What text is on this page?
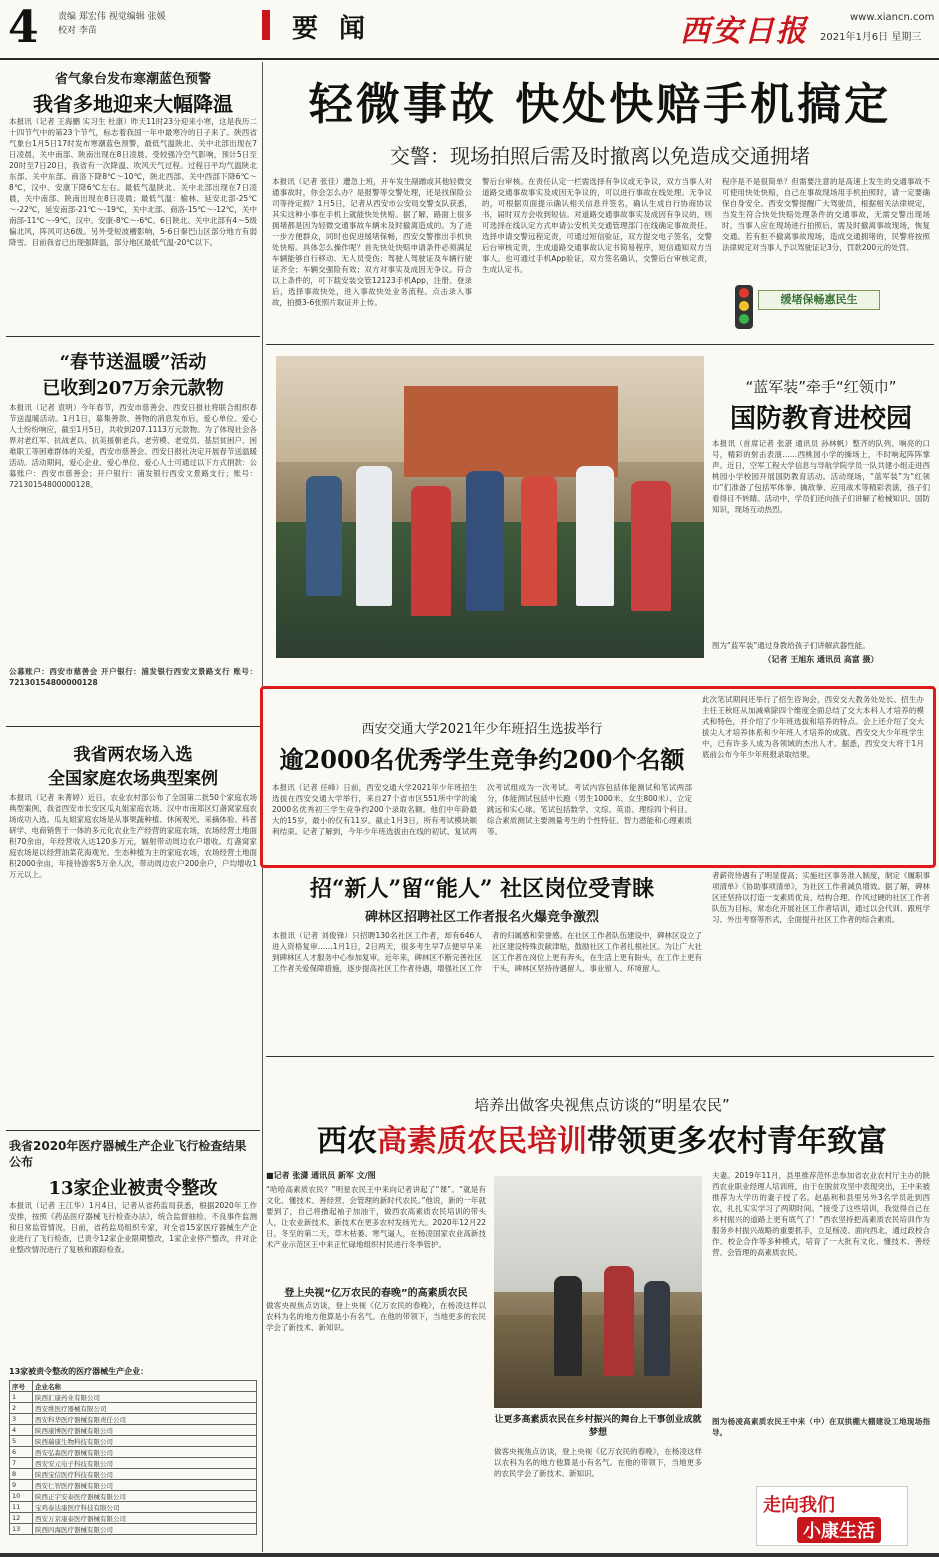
4 责编 郑宏伟 视觉编辑 张媛
校对 李苗	要 闻	西安日报	www.xiancn.com
2021年1月6日 星期三
轻微事故 快处快赔手机搞定
交警：现场拍照后需及时撤离以免造成交通拥堵
本报讯（记者 张佳）遭急上班，开车发生剐蹭或其他轻微交通事故时，你会怎么办？是报警等交警处理，还是找保险公司等待定损？1月5日，记者从西安市公安局交警支队获悉，其实这种小事在手机上就能快处快赔。据了解，路面上很多拥堵都是因为轻微交通事故车辆未及时撤离造成的。为了进一步方便群众，同时也促进缓堵保畅，西安交警推出手机快处快赔。具体怎么操作呢？首先快处快赔申请条件必须满足车辆能够自行移动、无人员受伤；驾驶人驾驶证及车辆行驶证齐全；车辆交强险有效；双方对事实及成因无争议。符合以上条件的，可下载安装交管12123手机App，注册、登录后，选择事故快处，进入事故快处业务流程。点击录入事故，拍摄3-6张照片取证并上传。
警后台审核。在责任认定一栏需选择有争议或无争议，双方当事人对道路交通事故事实及成因无争议的，可以进行事故在线处理。无争议的，可根据页面提示确认相关信息并签名，确认生成自行协商协议书，届时双方会收到短信。对道路交通事故事实及成因有争议的，则可选择在线认定方式申请公安机关交通管理部门在线确定事故责任。选择申请交警远程定责，可通过短信验证，双方提交电子签名，交警后台审核定责，生成道路交通事故认定书简易程序，短信通知双方当事人。也可通过手机App验证，双方签名确认，交警后台审核定责，生成认定书。
程序是不是很简单？但需要注意的是高速上发生的交通事故不可使用快处快赔，自己在事故现场用手机拍照时，请一定要确保自身安全。西安交警提醒广大驾驶员，根据相关法律规定，当发生符合快处快赔处理条件的交通事故，无需交警出现场时，当事人应在现场进行拍照后，需及时撤离事故现场，恢复交通。若有拒不撤离事故现场，造成交通拥堵的，民警将按照法律规定对当事人予以驾驶证记3分，罚款200元的处罚。
缓堵保畅惠民生
“蓝军装”牵手“红领巾”
国防教育进校园
本报讯（首席记者 张湛 通讯员 孙林帆）整齐的队列、响亮的口号，精彩的射击表演……西桃园小学的操场上，不时响起阵阵掌声。近日，空军工程大学信息与导航学院学员一队共建小组走进西桃园小学校园开展国防教育活动。活动现场，“蓝军装”为“红领巾”们准备了包括军体拳、擒敌拳、应用战术等精彩表演，孩子们看得目不转睛。活动中，学员们还向孩子们讲解了枪械知识、国防知识，现场互动热烈。
图为“蓝军装”通过身教给孩子们讲解武器性能。
（记者 王旭东 通讯员 高富 摄）
西安交通大学2021年少年班招生选拔举行
逾2000名优秀学生竞争约200个名额
本报讯（记者 任峰）日前，西安交通大学2021年少年班招生选拔在西安交通大学举行，来自27个省市区551所中学的逾2000名优秀初三学生竞争约200个录取名额。他们中年龄最大的15岁，最小的仅有11岁。截止1月3日，所有考试模块顺利结束。记者了解到，今年少年班选拔由在线的初试、复试两次考试组成为一次考试。考试内容包括体能测试和笔试两部分，体能测试包括中长跑（男生1000米、女生800米）、立定跳远和实心球。笔试包括数学、文综、英语、理综四个科目。综合素质测试主要测量考生的个性特征、智力潜能和心理素质等。
此次笔试期间还举行了招生咨询会，西安交大教务处处长、招生办主任王秋旺从加减乘除四个维度全面总结了交大本科人才培养的模式和特色，并介绍了少年班选拔和培养的特点。会上还介绍了交大拔尖人才培养体系和少年班人才培养的成就。西安交大少年班学生中，已有许多人成为各领域的杰出人才。据悉，西安交大将于1月底前公布今年少年班报录取结果。
招“新人”留“能人” 社区岗位受青睐
碑林区招聘社区工作者报名火爆竞争激烈
本报讯（记者 刘俊锋）只招聘130名社区工作者，却有646人进入资格复审……1月1日，2日两天，很多考生早7点便早早来到碑林区人才服务中心参加复审。近年来，碑林区不断完善社区工作者关爱保障措施，逐步提高社区工作者待遇，增强社区工作者的归属感和荣誉感。在社区工作者队伍建设中，碑林区设立了社区建设特殊贡献津贴，鼓励社区工作者扎根社区。为让广大社区工作者在岗位上更有奔头，在生活上更有盼头，在工作上更有干头，碑林区坚持待遇留人、事业留人、环境留人。
者薪资待遇有了明显提高；实施社区事务准入制度，制定《履职事项清单》《协助事项清单》，为社区工作者减负增效。据了解，碑林区还坚持以打造一支素质优良、结构合理、作风过硬的社区工作者队伍为目标，常态化开展社区工作者培训，通过以会代训、跟班学习、外出考察等形式，全面提升社区工作者的综合素质。
培养出做客央视焦点访谈的“明星农民”
西农高素质农民培训带领更多农村青年致富
■记者 张潇 通讯员 新军 文/图
“哈哈高素质农民？”明星农民王中来向记者讲起了“课”。“就是有文化、懂技术、善经营、会管理的新时代农民。”他说，新的一年就要到了，自己将撸起袖子加油干，做西农高素质农民培训的带头人，让农业新技术、新技术在更多农村发扬光大。2020年12月22日，冬至的第二天，草木枯萎、寒气逼人，在杨凌国家农业高新技术产业示范区王中来正忙碌地组织村民进行冬季管护。
登上央视“亿万农民的春晚”的高素质农民
做客央视焦点访谈，登上央视《亿万农民的春晚》，在杨凌这样以农科为名的地方他算是小有名气。在他的带领下，当地更多的农民学会了新技术、新知识。
让更多高素质农民在乡村振兴的舞台上干事创业成就梦想
做客央视焦点访谈，登上央视《亿万农民的春晚》，在杨凌这样以农科为名的地方他算是小有名气。在他的带领下，当地更多的农民学会了新技术、新知识。
夫妻。2019年11月，县里推荐范怀忠参加省农业农村厅主办的陕西农业职业经理人培训班，由于在脱贫攻坚中表现突出，王中来被推荐为大学历的妻子授了名。赵晶利和县里另外3名学员赴到西农，扎扎实实学习了两期时间。“接受了这些培训，我觉得自己在乡村振兴的道路上更有底气了！”西农坚持把高素质农民培训作为服务乡村振兴战略的重要抓手，立足杨凌、面向西北，通过政校合作、校企合作等多种模式，培育了一大批有文化、懂技术、善经营、会管理的高素质农民。
图为杨凌高素质农民王中来（中）在双拱棚大棚建设工地现场指导。
走向我们
小康生活
省气象台发布寒潮蓝色预警
我省多地迎来大幅降温
本报讯（记者 王海鹏 实习生 杜康）昨天11时23分迎来小寒，这是我历二十四节气中的第23个节气，标志着我国一年中最寒冷的日子来了。陕西省气象台1月5日17时发布寒潮蓝色预警，最低气温陕北、关中北部出现在7日凌晨，关中南部、陕南出现在8日凌晨。受较强冷空气影响，预计5日至20时至7日20日，我省有一次降温、吹风天气过程。过程日平均气温陕北东部、关中东部、商洛下降8℃～10℃，陕北西部、关中西部下降6℃～8℃，汉中、安康下降6℃左右。最低气温陕北、关中北部出现在7日凌晨，关中南部、陕南出现在8日凌晨；最低气温：榆林、延安北部-25℃～-22℃，延安南部-21℃～-19℃，关中北部、商洛-15℃～-12℃，关中南部-11℃～-9℃，汉中、安康-8℃～-6℃。6日陕北、关中北部有4～5级偏北风，阵风可达6级。另外受短波槽影响，5-6日秦巴山区部分地方有弱降雪。目前我省已出现强降温，部分地区最低气温-20℃以下。
“春节送温暖”活动
已收到207万余元款物
本报讯（记者 袁明）今年春节，西安市慈善会、西安日报社将联合组织春节送温暖活动。1月1日，募集善款、善物的消息发布后，爱心单位、爱心人士纷纷响应，截至1月5日，共收到207.1113万元款物。为了体现社会各界对老红军、抗战老兵、抗美援朝老兵、老劳模、老党员、基层贫困户、困难职工等困难群体的关爱，西安市慈善会、西安日报社决定开展春节送温暖活动。活动期间，爱心企业、爱心单位、爱心人士可通过以下方式捐款：公募账户：西安市慈善会；开户银行：浦发银行西安文景路支行；账号：72130154800000128。
公募账户：西安市慈善会 开户银行：浦发银行西安文景路支行 账号：72130154800000128
我省两农场入选
全国家庭农场典型案例
本报讯（记者 朱菁婷）近日，农业农村部公布了全国第二批50个家庭农场典型案例，我省西安市长安区瓜丸姐家庭农场、汉中市南郑区灯盏窝家庭农场成功入选。瓜丸姐家庭农场是从事果蔬种植、休闲观光、采摘体验、科普研学、电商销售于一体的多元化农业生产经营的家庭农场，农场经营土地面积70余亩，年经营收入达120多万元，辐射带动周边农户增收。灯盏窝家庭农场是以经营油菜花海观光、生态种植为主的家庭农场，农场经营土地面积2000余亩，年接待游客5万余人次，带动周边农户200余户，户均增收1万元以上。
我省2020年医疗器械生产企业飞行检查结果公布
13家企业被责令整改
本报讯（记者 王江华）1月4日，记者从省药监局获悉，根据2020年工作安排，按照《药品医疗器械飞行检查办法》，统合监督抽检、不良事件监测和日常监管情况，日前，省药监局组织专家，对全省15家医疗器械生产企业进行了飞行检查，已责令12家企业限期整改，1家企业停产整改，并对企业整改情况进行了复核和跟踪检查。
13家被责令整改的医疗器械生产企业：
序号	企业名称
1	陕西汇康药业有限公司
2	西安维医疗器械有限公司
3	西安科华医疗器械有限责任公司
4	陕西康博医疗器械有限公司
5	陕西瑞康生物科技有限公司
6	西安弘森医疗器械有限公司
7	西安安元电子科技有限公司
8	陕西宝信医疗科技有限公司
9	西安仁智医疗器械有限公司
10	陕西正宇安泰医疗器械有限公司
11	宝鸡泰达康医疗科技有限公司
12	西安万京康泰医疗器械有限公司
13	陕西四海医疗器械有限公司
